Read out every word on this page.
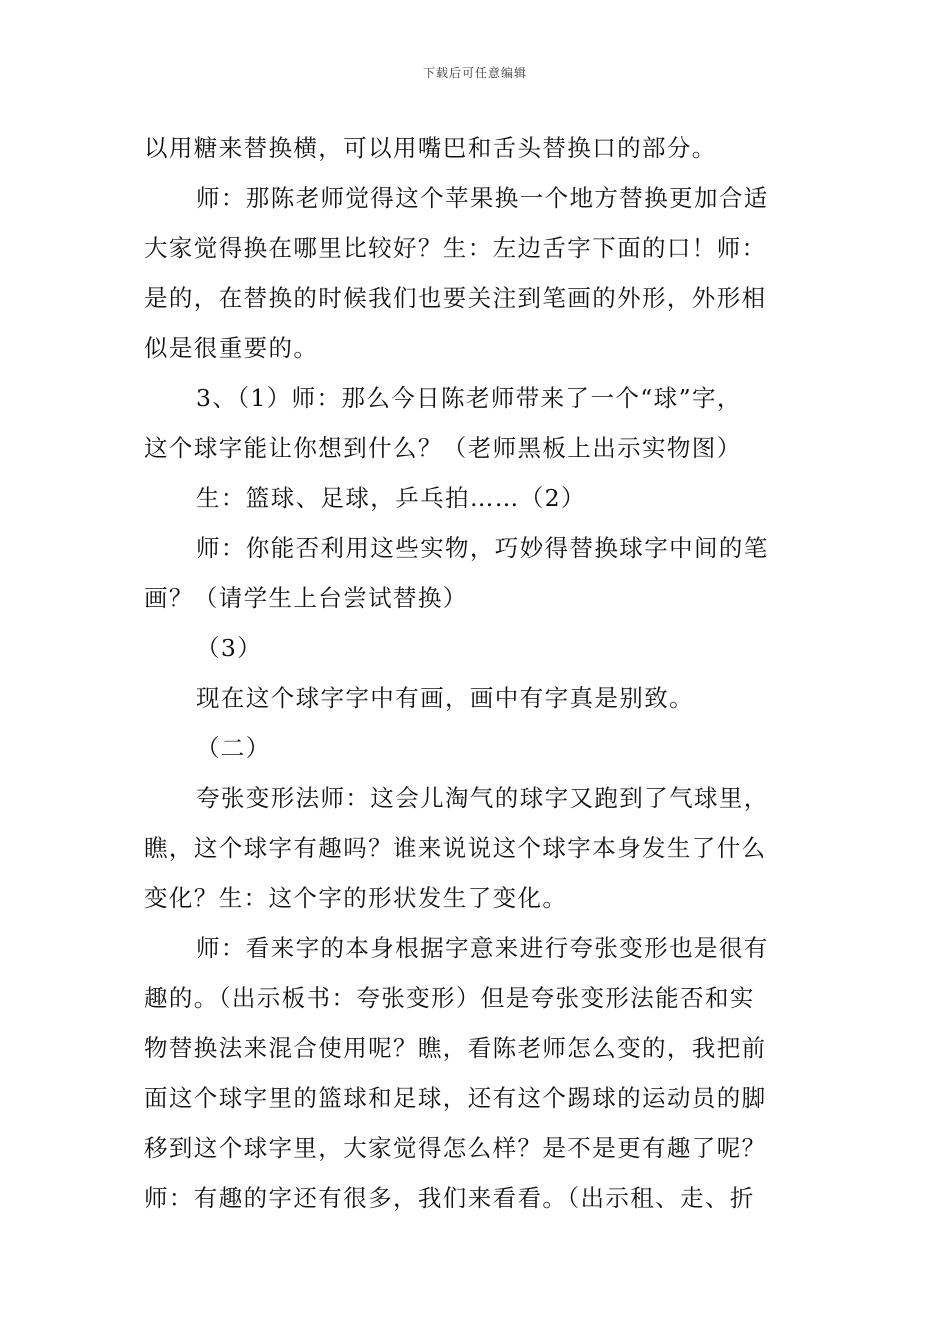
下载后可任意编辑
以用糖来替换横，可以用嘴巴和舌头替换口的部分。
师：那陈老师觉得这个苹果换一个地方替换更加合适
大家觉得换在哪里比较好？生：左边舌字下面的口！师：
是的，在替换的时候我们也要关注到笔画的外形，外形相
似是很重要的。
3、（1）师：那么今日陈老师带来了一个“球”字，
这个球字能让你想到什么？（老师黑板上出示实物图）
生：篮球、足球，乒乓拍……（2）
师：你能否利用这些实物，巧妙得替换球字中间的笔
画？（请学生上台尝试替换）
（3）
现在这个球字字中有画，画中有字真是别致。
（二）
夸张变形法师：这会儿淘气的球字又跑到了气球里，
瞧，这个球字有趣吗？谁来说说这个球字本身发生了什么
变化？生：这个字的形状发生了变化。
师：看来字的本身根据字意来进行夸张变形也是很有
趣的。（出示板书：夸张变形）但是夸张变形法能否和实
物替换法来混合使用呢？瞧，看陈老师怎么变的，我把前
面这个球字里的篮球和足球，还有这个踢球的运动员的脚
移到这个球字里，大家觉得怎么样？是不是更有趣了呢？
师：有趣的字还有很多，我们来看看。（出示租、走、折
